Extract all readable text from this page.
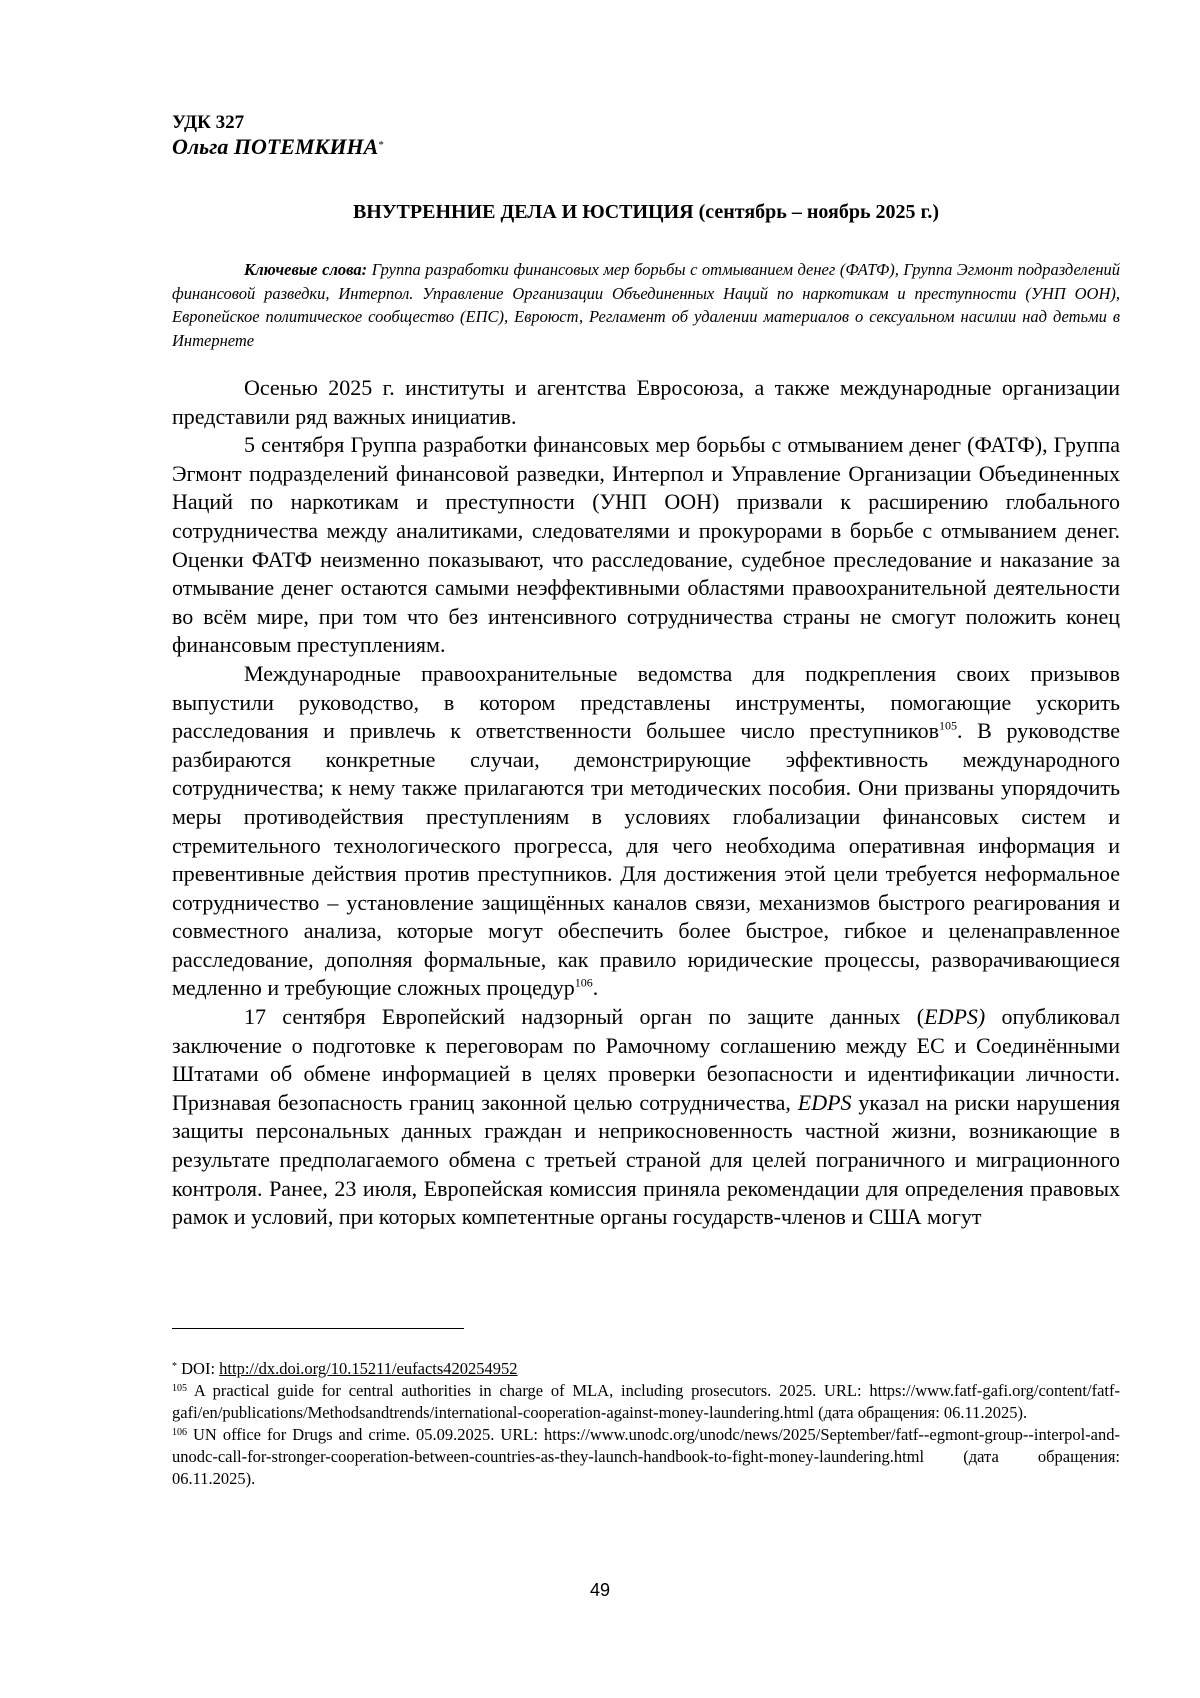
УДК 327

Ольга ПОТЕМКИНА*

ВНУТРЕННИЕ ДЕЛА И ЮСТИЦИЯ (сентябрь – ноябрь 2025 г.)

Ключевые слова: Группа разработки финансовых мер борьбы с отмыванием денег (ФАТФ), Группа Эгмонт подразделений финансовой разведки, Интерпол. Управление Организации Объединенных Наций по наркотикам и преступности (УНП ООН), Европейское политическое сообщество (ЕПС), Евроюст, Регламент об удалении материалов о сексуальном насилии над детьми в Интернете

Осенью 2025 г. институты и агентства Евросоюза, а также международные организации представили ряд важных инициатив.

5 сентября Группа разработки финансовых мер борьбы с отмыванием денег (ФАТФ), Группа Эгмонт подразделений финансовой разведки, Интерпол и Управление Организации Объединенных Наций по наркотикам и преступности (УНП ООН) призвали к расширению глобального сотрудничества между аналитиками, следователями и прокурорами в борьбе с отмыванием денег. Оценки ФАТФ неизменно показывают, что расследование, судебное преследование и наказание за отмывание денег остаются самыми неэффективными областями правоохранительной деятельности во всём мире, при том что без интенсивного сотрудничества страны не смогут положить конец финансовым преступлениям.

Международные правоохранительные ведомства для подкрепления своих призывов выпустили руководство, в котором представлены инструменты, помогающие ускорить расследования и привлечь к ответственности большее число преступников$^{105}$. В руководстве разбираются конкретные случаи, демонстрирующие эффективность международного сотрудничества; к нему также прилагаются три методических пособия. Они призваны упорядочить меры противодействия преступлениям в условиях глобализации финансовых систем и стремительного технологического прогресса, для чего необходима оперативная информация и превентивные действия против преступников. Для достижения этой цели требуется неформальное сотрудничество – установление защищённых каналов связи, механизмов быстрого реагирования и совместного анализа, которые могут обеспечить более быстрое, гибкое и целенаправленное расследование, дополняя формальные, как правило юридические процессы, разворачивающиеся медленно и требующие сложных процедур$^{106}$.

17 сентября Европейский надзорный орган по защите данных (EDPS) опубликовал заключение о подготовке к переговорам по Рамочному соглашению между ЕС и Соединёнными Штатами об обмене информацией в целях проверки безопасности и идентификации личности. Признавая безопасность границ законной целью сотрудничества, EDPS указал на риски нарушения защиты персональных данных граждан и неприкосновенность частной жизни, возникающие в результате предполагаемого обмена с третьей страной для целей пограничного и миграционного контроля. Ранее, 23 июля, Европейская комиссия приняла рекомендации для определения правовых рамок и условий, при которых компетентные органы государств-членов и США могут

* DOI: http://dx.doi.org/10.15211/eufacts420254952

$^{105}$ A practical guide for central authorities in charge of MLA, including prosecutors. 2025. URL: https://www.fatf-gafi.org/content/fatf-gafi/en/publications/Methodsandtrends/international-cooperation-against-money-laundering.html (дата обращения: 06.11.2025).

$^{106}$ UN office for Drugs and crime. 05.09.2025. URL: https://www.unodc.org/unodc/news/2025/September/fatf--egmont-group--interpol-and-unodc-call-for-stronger-cooperation-between-countries-as-they-launch-handbook-to-fight-money-laundering.html (дата обращения: 06.11.2025).

49
